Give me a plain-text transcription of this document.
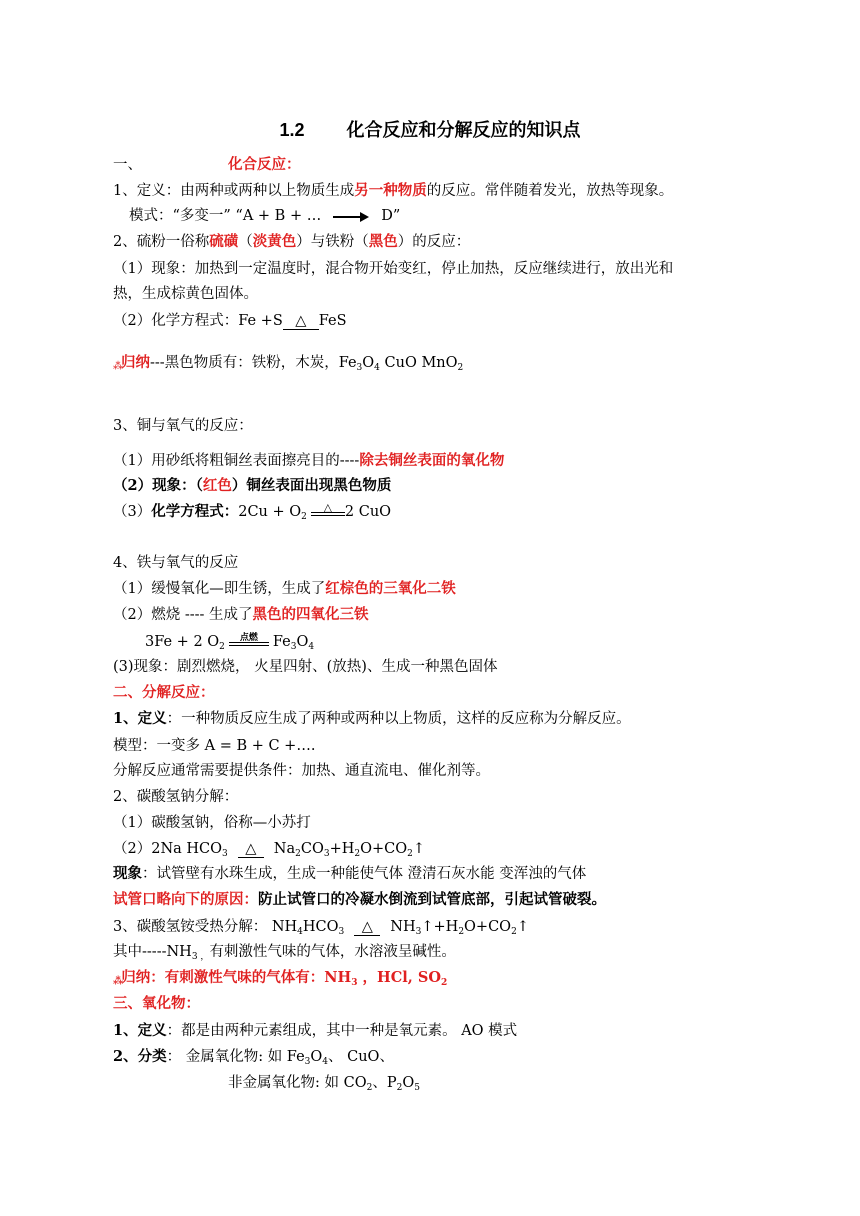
1.2 化合反应和分解反应的知识点
一、	化合反应：
1、定义：由两种或两种以上物质生成另一种物质的反应。常伴随着发光，放热等现象。
模式：“多变一” “A + B + …	D”
2、硫粉一俗称硫磺（淡黄色）与铁粉（黑色）的反应：
（1）现象：加热到一定温度时，混合物开始变红，停止加热，反应继续进行，放出光和
热，生成棕黄色固体。
（2）化学方程式：Fe +S △ FeS
⁂归纳---黑色物质有：铁粉，木炭，$Fe_3O_4$ CuO MnO$_2$
3、铜与氧气的反应：
（1）用砂纸将粗铜丝表面擦亮目的----除去铜丝表面的氧化物
（2）现象：（红色）铜丝表面出现黑色物质
（3）化学方程式：$2Cu + O_2$
△ 2 CuO
4、铁与氧气的反应
（1）缓慢氧化—即生锈，生成了红棕色的三氧化二铁
（2）燃烧 ---- 生成了黑色的四氧化三铁
3Fe + 2 $O_2$
点燃	$Fe_3O_4$
(3)现象：剧烈燃烧， 火星四射、(放热)、生成一种黑色固体
二、分解反应：
1、定义：一种物质反应生成了两种或两种以上物质，这样的反应称为分解反应。
模型：一变多 A = B + C +….
分解反应通常需要提供条件：加热、通直流电、催化剂等。
2、碳酸氢钠分解：
（1）碳酸氢钠，俗称—小苏打
（2）2Na $HCO_3$ △ $Na_2CO_3+H_2O+CO_2↑$
现象：试管壁有水珠生成，生成一种能使气体 澄清石灰水能 变浑浊的气体
试管口略向下的原因：防止试管口的冷凝水倒流到试管底部，引起试管破裂。
3、碳酸氢铵受热分解： $NH_4HCO_3$ △ $NH_3↑+H_2O+CO_2↑$
其中$-----NH_{3 ,}$有刺激性气味的气体，水溶液呈碱性。
⁂归纳：有刺激性气味的气体有：$NH_3$ ，HCl, $SO_2$
三、氧化物：
1、定义：都是由两种元素组成，其中一种是氧元素。 AO 模式
2、分类： 金属氧化物: 如 $Fe_3O_4$、 CuO、
非金属氧化物: 如 $CO_2$、$P_2O_5$
